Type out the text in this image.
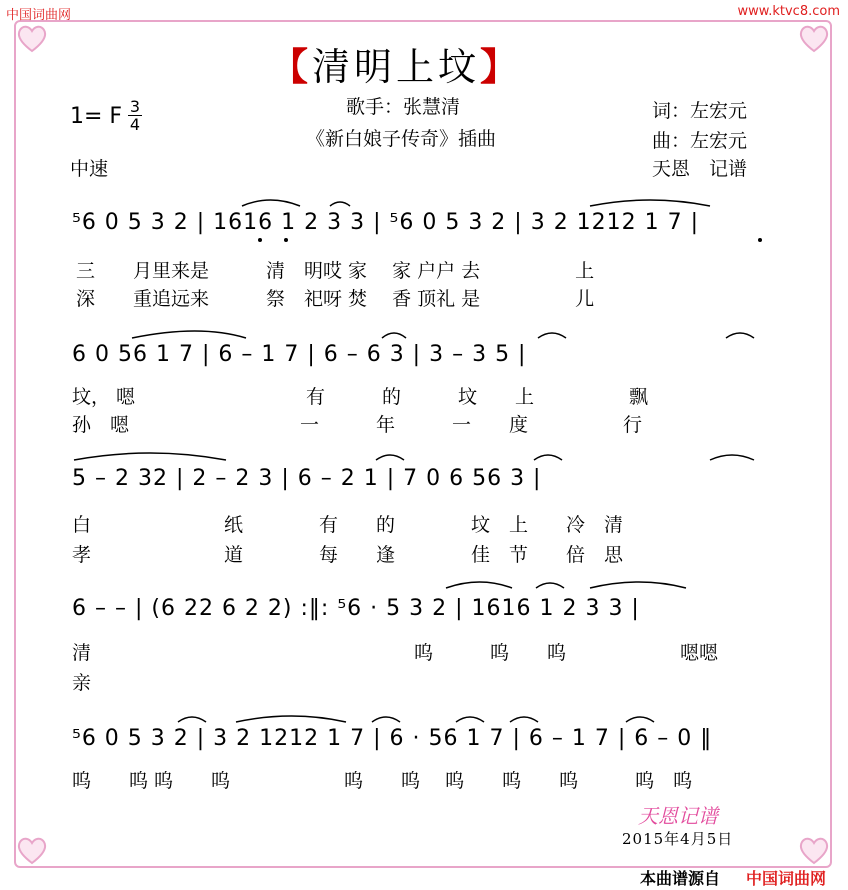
中国词曲网	www.ktvc8.com
【清明上坟】
1= F 3
4
中速
歌手：张慧清
《新白娘子传奇》插曲
词：左宏元
曲：左宏元
天恩　记谱
⁵6 0 5 3 2 | 1616 1 2 3 3 | ⁵6 0 5 3 2 | 3 2 1212 1 7 |
三　　月里来是　　　清　明哎 家　 家 户户 去　　　　　上
深　　重追远来　　　祭　祀呀 焚　 香 顶礼 是　　　　　儿
6 0 56 1 7 | 6 – 1 7 | 6 – 6 3 | 3 – 3 5 |
坟， 嗯　　　　　　　　　有　　　的　　　坟　　上　　　　　飘
孙　嗯　　　　　　　　　一　　　年　　　一　　度　　　　　行
5 – 2 32 | 2 – 2 3 | 6 – 2 1 | 7 0 6 56 3 |
白　　　　　　　纸　　　　有　　的　　　　坟　上　　冷　清
孝　　　　　　　道　　　　每　　逢　　　　佳　节　　倍　思
6 – – | (6 22 6 2 2) :‖: ⁵6 · 5 3 2 | 1616 1 2 3 3 |
清　　　　　　　　　　　　　　　　　呜　　　呜　　呜　　　　　　嗯嗯
亲
⁵6 0 5 3 2 | 3 2 1212 1 7 | 6 · 56 1 7 | 6 – 1 7 | 6 – 0 ‖
呜　　呜 呜　　呜　　　　　　呜　　呜　 呜　　呜　　呜　　　呜　呜
天恩记谱
2015年4月5日
本曲谱源自 中国词曲网
